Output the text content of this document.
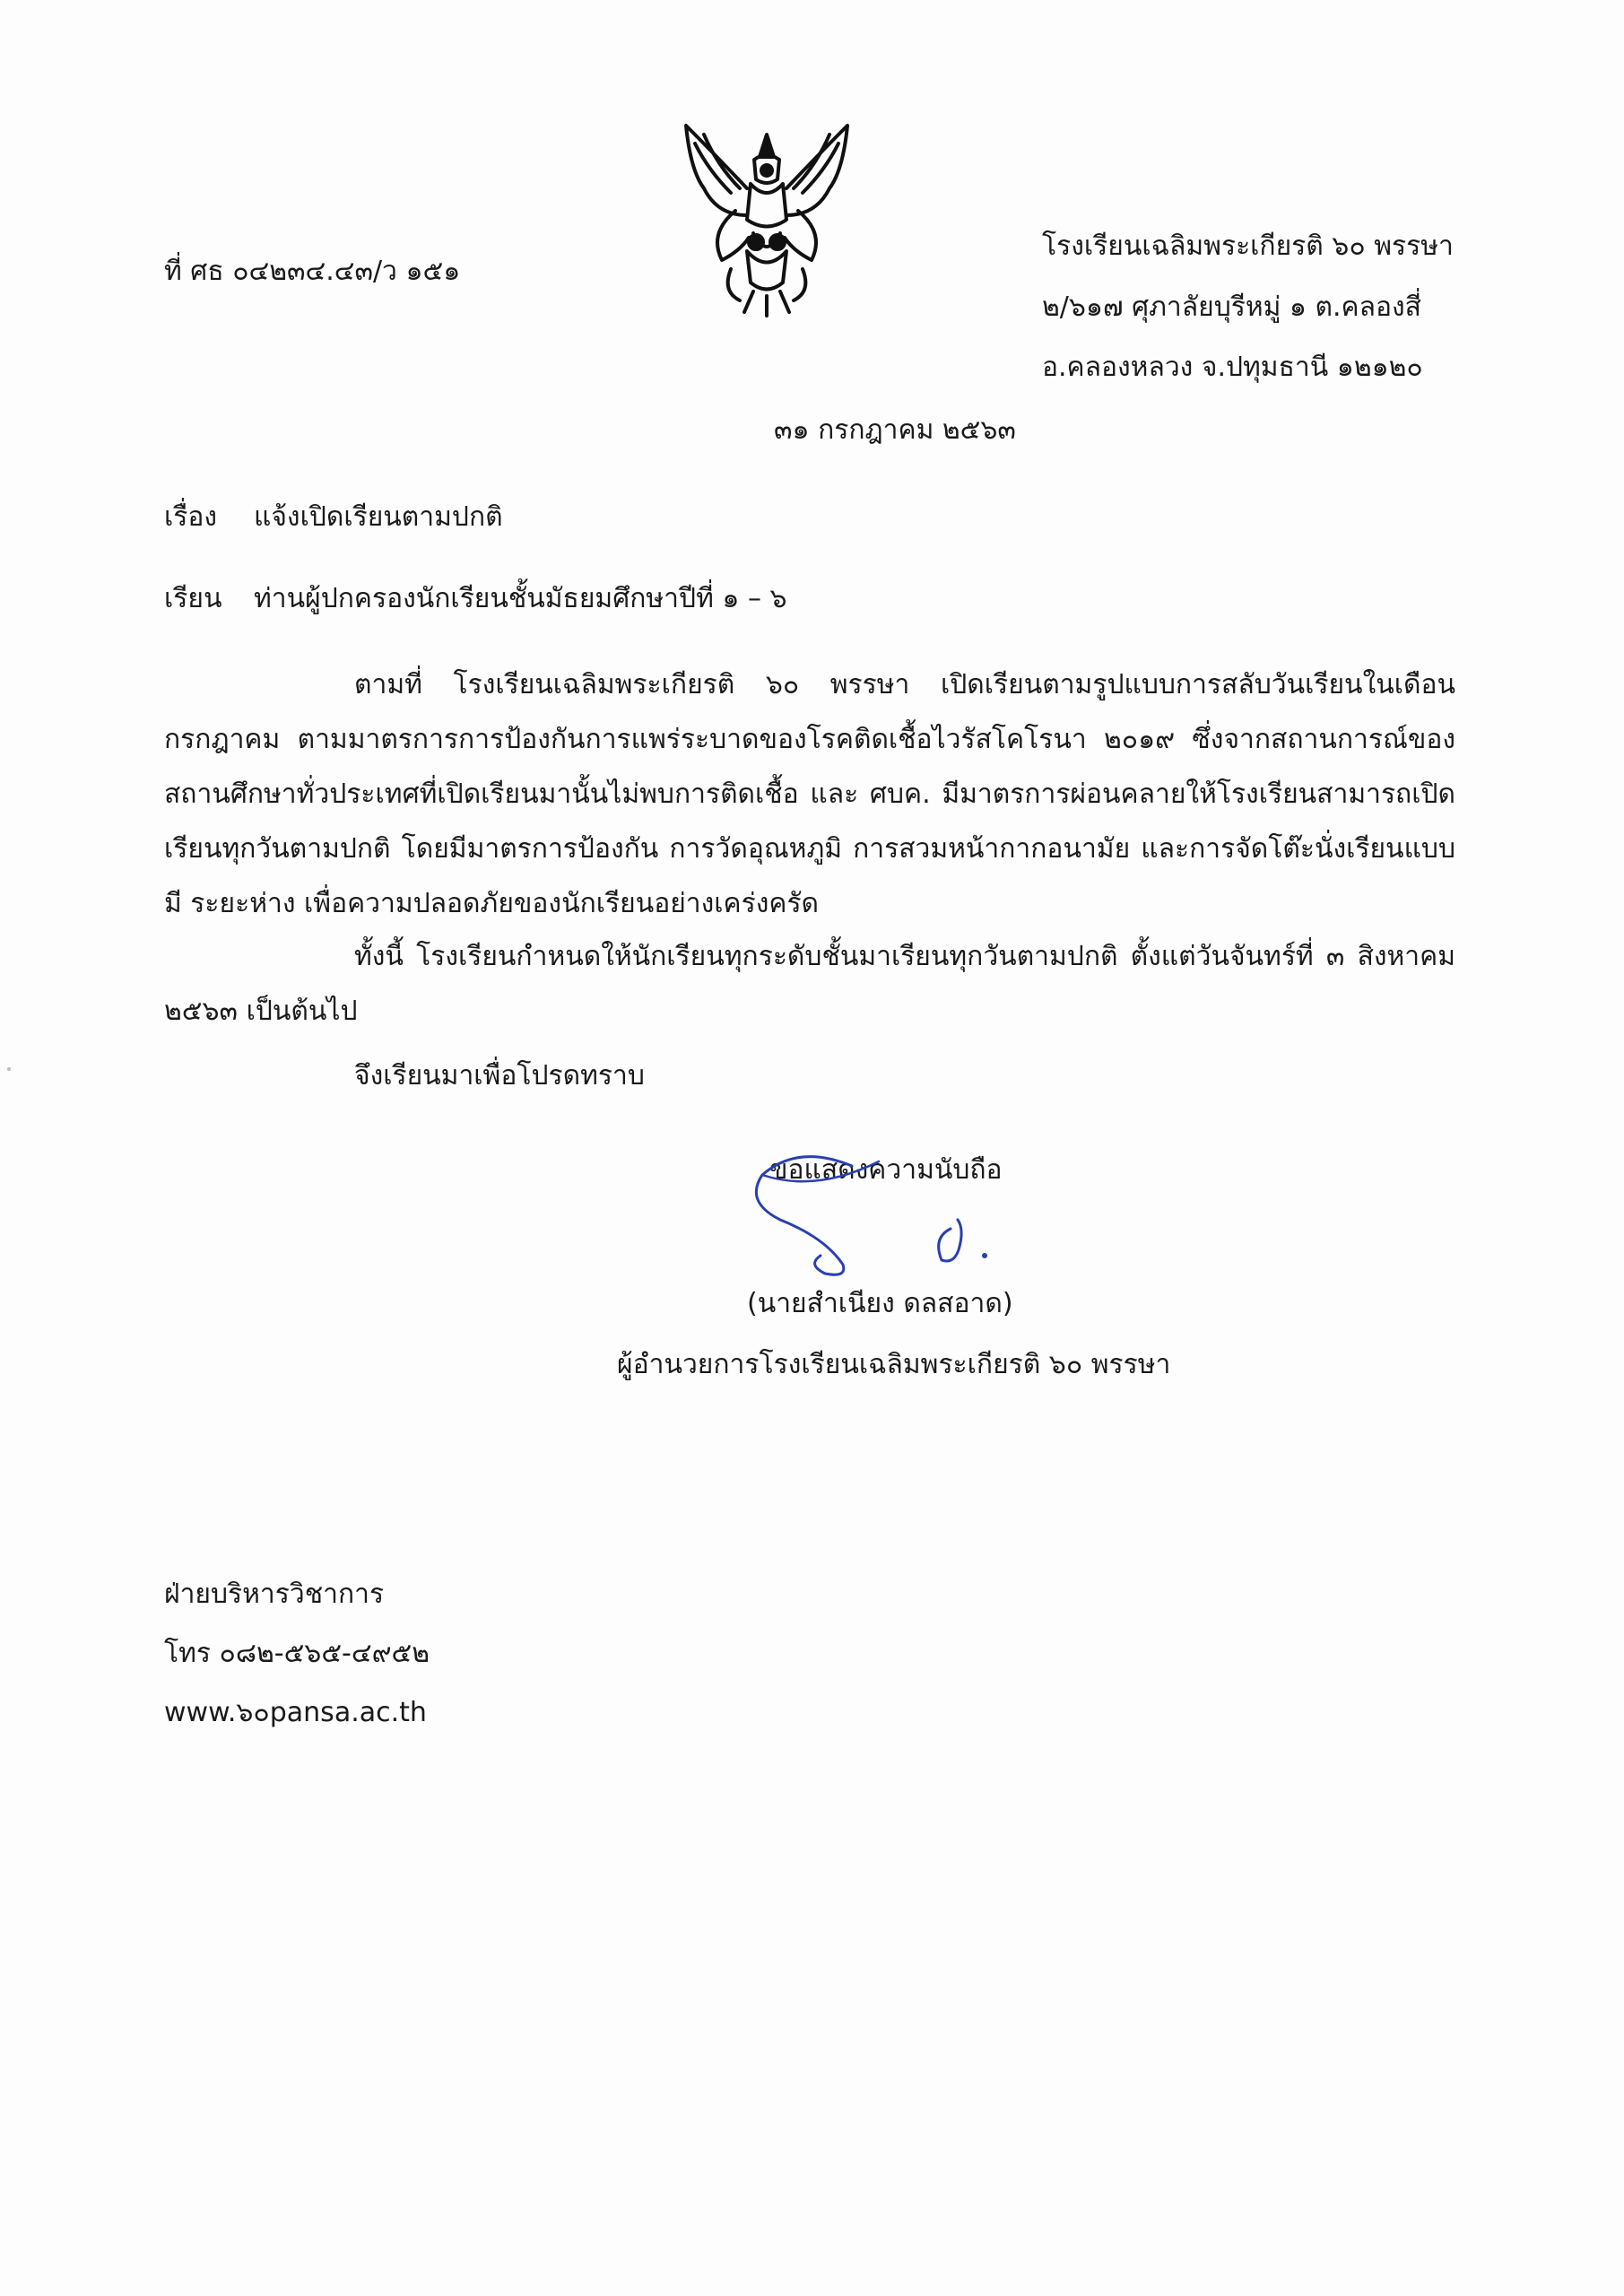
ที่ ศธ ๐๔๒๓๔.๔๓/ว ๑๕๑
โรงเรียนเฉลิมพระเกียรติ ๖๐ พรรษา
๒/๖๑๗ ศุภาลัยบุรีหมู่ ๑ ต.คลองสี่
อ.คลองหลวง จ.ปทุมธานี ๑๒๑๒๐
๓๑ กรกฎาคม ๒๕๖๓
เรื่อง แจ้งเปิดเรียนตามปกติ
เรียน ท่านผู้ปกครองนักเรียนชั้นมัธยมศึกษาปีที่ ๑ – ๖
ตามที่ โรงเรียนเฉลิมพระเกียรติ ๖๐ พรรษา เปิดเรียนตามรูปแบบการสลับวันเรียนในเดือน กรกฎาคม ตามมาตรการการป้องกันการแพร่ระบาดของโรคติดเชื้อไวรัสโคโรนา ๒๐๑๙ ซึ่งจากสถานการณ์ของ สถานศึกษาทั่วประเทศที่เปิดเรียนมานั้นไม่พบการติดเชื้อ และ ศบค. มีมาตรการผ่อนคลายให้โรงเรียนสามารถเปิด เรียนทุกวันตามปกติ โดยมีมาตรการป้องกัน การวัดอุณหภูมิ การสวมหน้ากากอนามัย และการจัดโต๊ะนั่งเรียนแบบมี ระยะห่าง เพื่อความปลอดภัยของนักเรียนอย่างเคร่งครัด
ทั้งนี้ โรงเรียนกำหนดให้นักเรียนทุกระดับชั้นมาเรียนทุกวันตามปกติ ตั้งแต่วันจันทร์ที่ ๓ สิงหาคม ๒๕๖๓ เป็นต้นไป
จึงเรียนมาเพื่อโปรดทราบ
ขอแสดงความนับถือ
(นายสำเนียง ดลสอาด)
ผู้อำนวยการโรงเรียนเฉลิมพระเกียรติ ๖๐ พรรษา
ฝ่ายบริหารวิชาการ
โทร ๐๘๒-๕๖๕-๔๙๕๒
www.๖๐pansa.ac.th
